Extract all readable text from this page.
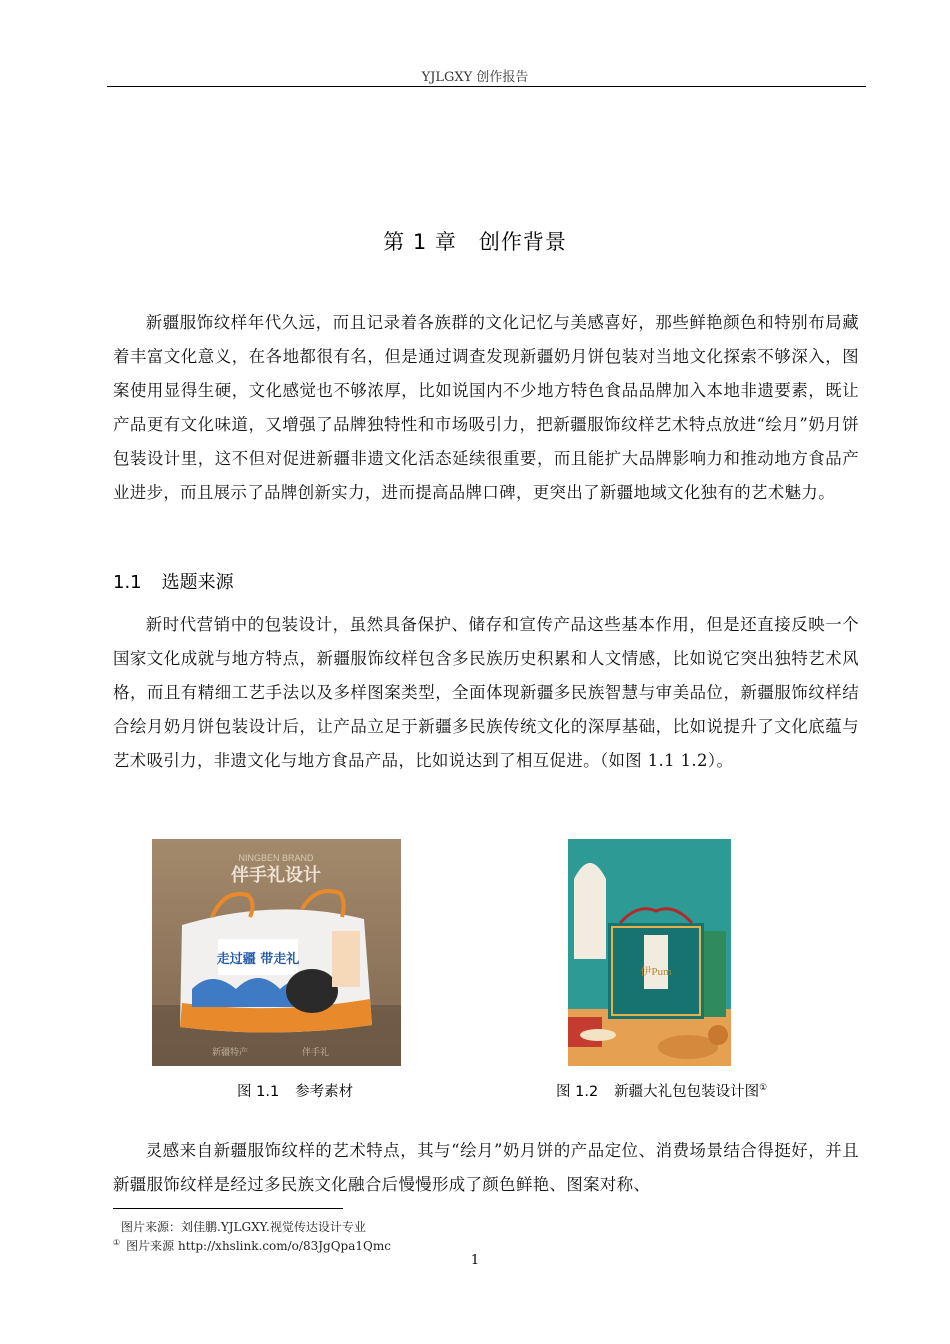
YJLGXY 创作报告
第 1 章　创作背景

新疆服饰纹样年代久远，而且记录着各族群的文化记忆与美感喜好，那些鲜艳颜色和特别布局藏着丰富文化意义，在各地都很有名，但是通过调查发现新疆奶月饼包装对当地文化探索不够深入，图案使用显得生硬，文化感觉也不够浓厚，比如说国内不少地方特色食品品牌加入本地非遗要素，既让产品更有文化味道，又增强了品牌独特性和市场吸引力，把新疆服饰纹样艺术特点放进“绘月”奶月饼包装设计里，这不但对促进新疆非遗文化活态延续很重要，而且能扩大品牌影响力和推动地方食品产业进步，而且展示了品牌创新实力，进而提高品牌口碑，更突出了新疆地域文化独有的艺术魅力。

1.1 选题来源

新时代营销中的包装设计，虽然具备保护、储存和宣传产品这些基本作用，但是还直接反映一个国家文化成就与地方特点，新疆服饰纹样包含多民族历史积累和人文情感，比如说它突出独特艺术风格，而且有精细工艺手法以及多样图案类型，全面体现新疆多民族智慧与审美品位，新疆服饰纹样结合绘月奶月饼包装设计后，让产品立足于新疆多民族传统文化的深厚基础，比如说提升了文化底蕴与艺术吸引力，非遗文化与地方食品产品，比如说达到了相互促进。（如图 1.1 1.2）。

NINGBEN BRAND
伴手礼设计
走过疆 带走礼
新疆特产	伴手礼
图 1.1 参考素材
伊Pum
图 1.2 新疆大礼包包装设计图①

灵感来自新疆服饰纹样的艺术特点，其与“绘月”奶月饼的产品定位、消费场景结合得挺好，并且新疆服饰纹样是经过多民族文化融合后慢慢形成了颜色鲜艳、图案对称、

图片来源：刘佳鹏.YJLGXY.视觉传达设计专业
① 图片来源 http://xhslink.com/o/83JgQpa1Qmc
1
